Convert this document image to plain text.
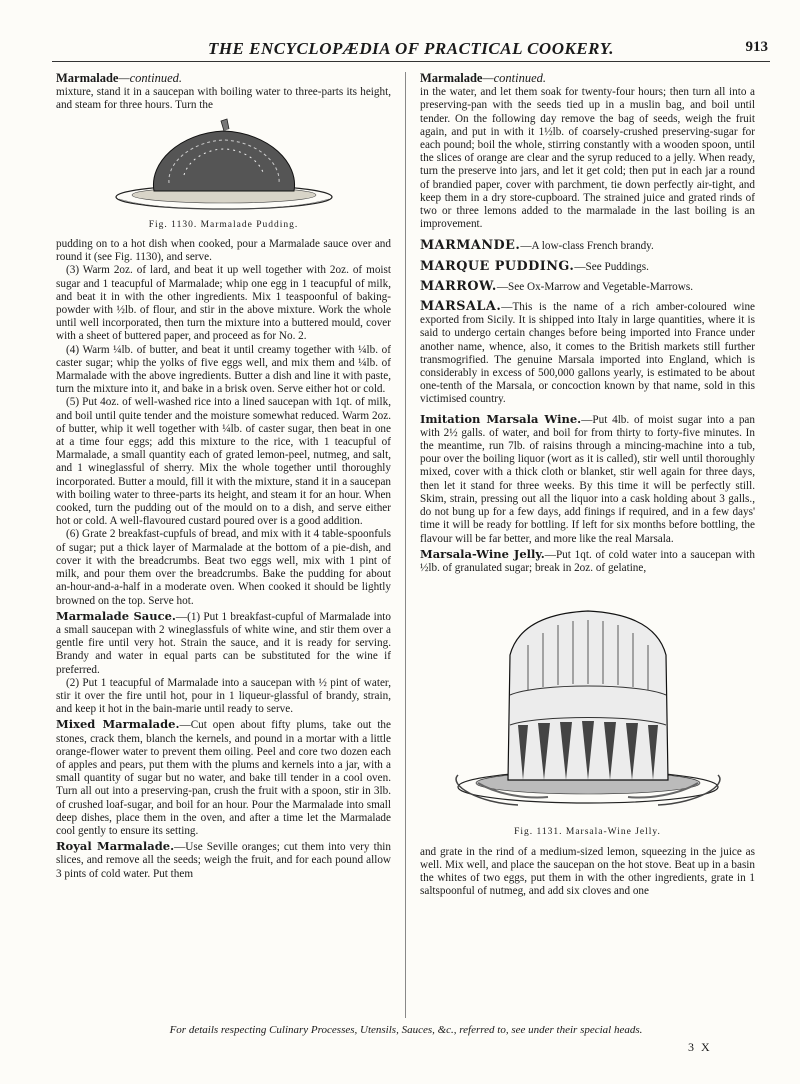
THE ENCYCLOPÆDIA OF PRACTICAL COOKERY.	913
Marmalade—continued.

mixture, stand it in a saucepan with boiling water to three-parts its height, and steam for three hours. Turn the

Fig. 1130. Marmalade Pudding.

pudding on to a hot dish when cooked, pour a Marmalade sauce over and round it (see Fig. 1130), and serve.

(3) Warm 2oz. of lard, and beat it up well together with 2oz. of moist sugar and 1 teacupful of Marmalade; whip one egg in 1 teacupful of milk, and beat it in with the other ingredients. Mix 1 teaspoonful of baking-powder with ½lb. of flour, and stir in the above mixture. Work the whole until well incorporated, then turn the mixture into a buttered mould, cover with a sheet of buttered paper, and proceed as for No. 2.

(4) Warm ¼lb. of butter, and beat it until creamy together with ¼lb. of caster sugar; whip the yolks of five eggs well, and mix them and ¼lb. of Marmalade with the above ingredients. Butter a dish and line it with paste, turn the mixture into it, and bake in a brisk oven. Serve either hot or cold.

(5) Put 4oz. of well-washed rice into a lined saucepan with 1qt. of milk, and boil until quite tender and the moisture somewhat reduced. Warm 2oz. of butter, whip it well together with ¼lb. of caster sugar, then beat in one at a time four eggs; add this mixture to the rice, with 1 teacupful of Marmalade, a small quantity each of grated lemon-peel, nutmeg, and salt, and 1 wineglassful of sherry. Mix the whole together until thoroughly incorporated. Butter a mould, fill it with the mixture, stand it in a saucepan with boiling water to three-parts its height, and steam it for an hour. When cooked, turn the pudding out of the mould on to a dish, and serve either hot or cold. A well-flavoured custard poured over is a good addition.

(6) Grate 2 breakfast-cupfuls of bread, and mix with it 4 table-spoonfuls of sugar; put a thick layer of Marmalade at the bottom of a pie-dish, and cover it with the breadcrumbs. Beat two eggs well, mix with 1 pint of milk, and pour them over the breadcrumbs. Bake the pudding for about an-hour-and-a-half in a moderate oven. When cooked it should be lightly browned on the top. Serve hot.

Marmalade Sauce.—(1) Put 1 breakfast-cupful of Marmalade into a small saucepan with 2 wineglassfuls of white wine, and stir them over a gentle fire until very hot. Strain the sauce, and it is ready for serving. Brandy and water in equal parts can be substituted for the wine if preferred.

(2) Put 1 teacupful of Marmalade into a saucepan with ½ pint of water, stir it over the fire until hot, pour in 1 liqueur-glassful of brandy, strain, and keep it hot in the bain-marie until ready to serve.

Mixed Marmalade.—Cut open about fifty plums, take out the stones, crack them, blanch the kernels, and pound in a mortar with a little orange-flower water to prevent them oiling. Peel and core two dozen each of apples and pears, put them with the plums and kernels into a jar, with a small quantity of sugar but no water, and bake till tender in a cool oven. Turn all out into a preserving-pan, crush the fruit with a spoon, stir in 3lb. of crushed loaf-sugar, and boil for an hour. Pour the Marmalade into small deep dishes, place them in the oven, and after a time let the Marmalade cool gently to ensure its setting.

Royal Marmalade.—Use Seville oranges; cut them into very thin slices, and remove all the seeds; weigh the fruit, and for each pound allow 3 pints of cold water. Put them

Marmalade—continued.

in the water, and let them soak for twenty-four hours; then turn all into a preserving-pan with the seeds tied up in a muslin bag, and boil until tender. On the following day remove the bag of seeds, weigh the fruit again, and put in with it 1½lb. of coarsely-crushed preserving-sugar for each pound; boil the whole, stirring constantly with a wooden spoon, until the slices of orange are clear and the syrup reduced to a jelly. When ready, turn the preserve into jars, and let it get cold; then put in each jar a round of brandied paper, cover with parchment, tie down perfectly air-tight, and keep them in a dry store-cupboard. The strained juice and grated rinds of two or three lemons added to the marmalade in the last boiling is an improvement.

MARMANDE.—A low-class French brandy.

MARQUE PUDDING.—See Puddings.

MARROW.—See Ox-Marrow and Vegetable-Marrows.

MARSALA.—This is the name of a rich amber-coloured wine exported from Sicily. It is shipped into Italy in large quantities, where it is said to undergo certain changes before being imported into France under another name, whence, also, it comes to the British markets still further transmogrified. The genuine Marsala imported into England, which is considerably in excess of 500,000 gallons yearly, is estimated to be about one-tenth of the Marsala, or concoction known by that name, sold in this victimised country.

Imitation Marsala Wine.—Put 4lb. of moist sugar into a pan with 2½ galls. of water, and boil for from thirty to forty-five minutes. In the meantime, run 7lb. of raisins through a mincing-machine into a tub, pour over the boiling liquor (wort as it is called), stir well until thoroughly mixed, cover with a thick cloth or blanket, stir well again for three days, then let it stand for three weeks. By this time it will be perfectly still. Skim, strain, pressing out all the liquor into a cask holding about 3 galls., do not bung up for a few days, add finings if required, and in a few days' time it will be ready for bottling. If left for six months before bottling, the flavour will be far better, and more like the real Marsala.

Marsala-Wine Jelly.—Put 1qt. of cold water into a saucepan with ½lb. of granulated sugar; break in 2oz. of gelatine,

Fig. 1131. Marsala-Wine Jelly.

and grate in the rind of a medium-sized lemon, squeezing in the juice as well. Mix well, and place the saucepan on the hot stove. Beat up in a basin the whites of two eggs, put them in with the other ingredients, grate in 1 saltspoonful of nutmeg, and add six cloves and one

For details respecting Culinary Processes, Utensils, Sauces, &c., referred to, see under their special heads.
3 X
